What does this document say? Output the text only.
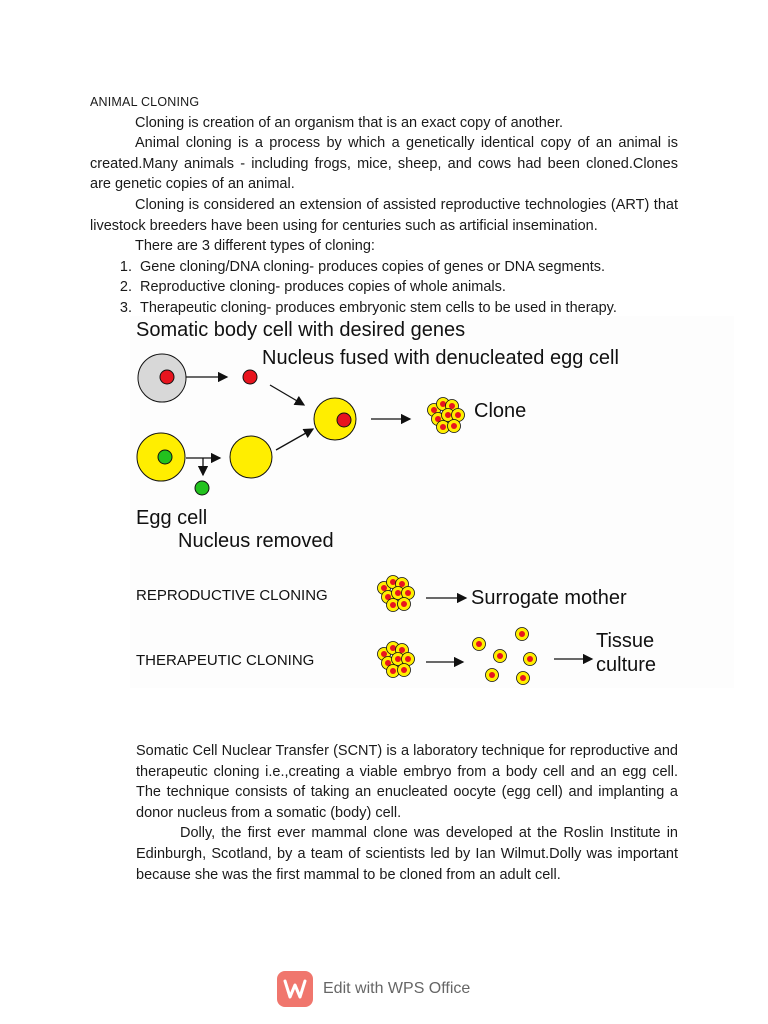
ANIMAL CLONING
Cloning is creation of an organism that is an exact copy of another.
Animal cloning is a process by which a genetically identical copy of an animal is created.Many animals - including frogs, mice, sheep, and cows had been cloned.Clones are genetic copies of an animal.
Cloning is considered an extension of assisted reproductive technologies (ART) that livestock breeders have been using for centuries such as artificial insemination.
There are 3 different types of cloning:
1. Gene cloning/DNA cloning- produces copies of genes or DNA segments.
2. Reproductive cloning- produces copies of whole animals.
3. Therapeutic cloning- produces embryonic stem cells to be used in therapy.
Somatic body cell with desired genes
Nucleus fused with denucleated egg cell
Clone
Egg cell
Nucleus removed
REPRODUCTIVE CLONING	Surrogate mother
THERAPEUTIC CLONING
Tissue
culture
Somatic Cell Nuclear Transfer (SCNT) is a laboratory technique for reproductive and therapeutic cloning i.e.,creating a viable embryo from a body cell and an egg cell. The technique consists of taking an enucleated oocyte (egg cell) and implanting a donor nucleus from a somatic (body) cell.
Dolly, the first ever mammal clone was developed at the Roslin Institute in Edinburgh, Scotland, by a team of scientists led by Ian Wilmut.Dolly was important because she was the first mammal to be cloned from an adult cell.
Edit with WPS Office
